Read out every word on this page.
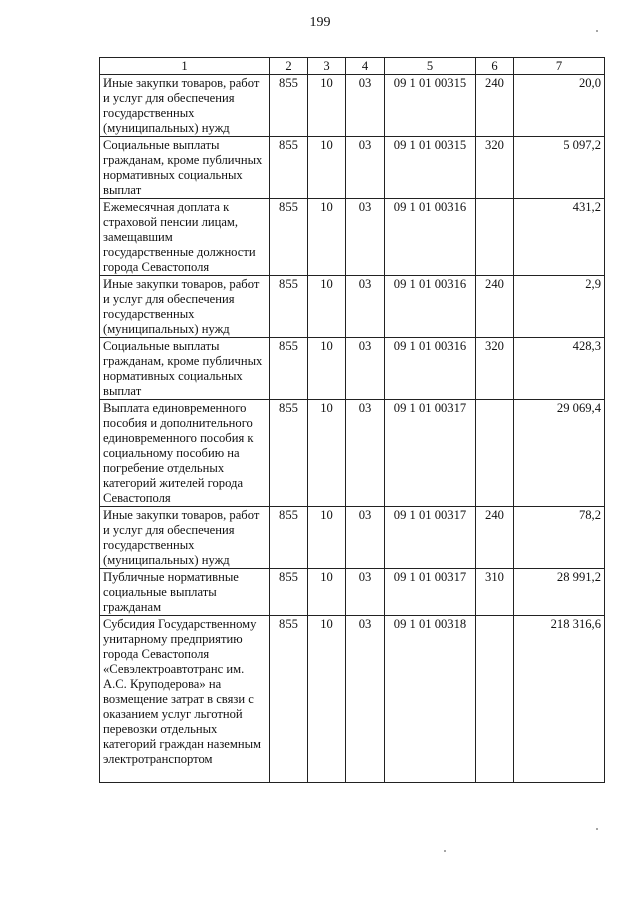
199
1	2	3	4	5	6	7
Иные закупки товаров, работ и услуг для обеспечения государственных (муниципальных) нужд	855	10	03	09 1 01 00315	240	20,0
Социальные выплаты гражданам, кроме публичных нормативных социальных выплат	855	10	03	09 1 01 00315	320	5 097,2
Ежемесячная доплата к страховой пенсии лицам, замещавшим государственные должности города Севастополя	855	10	03	09 1 01 00316		431,2
Иные закупки товаров, работ и услуг для обеспечения государственных (муниципальных) нужд	855	10	03	09 1 01 00316	240	2,9
Социальные выплаты гражданам, кроме публичных нормативных социальных выплат	855	10	03	09 1 01 00316	320	428,3
Выплата единовременного пособия и дополнительного единовременного пособия к социальному пособию на погребение отдельных категорий жителей города Севастополя	855	10	03	09 1 01 00317		29 069,4
Иные закупки товаров, работ и услуг для обеспечения государственных (муниципальных) нужд	855	10	03	09 1 01 00317	240	78,2
Публичные нормативные социальные выплаты гражданам	855	10	03	09 1 01 00317	310	28 991,2
Субсидия Государственному унитарному предприятию города Севастополя «Севэлектроавтотранс им. А.С. Круподерова» на возмещение затрат в связи с оказанием услуг льготной перевозки отдельных категорий граждан наземным электротранспортом	855	10	03	09 1 01 00318		218 316,6
